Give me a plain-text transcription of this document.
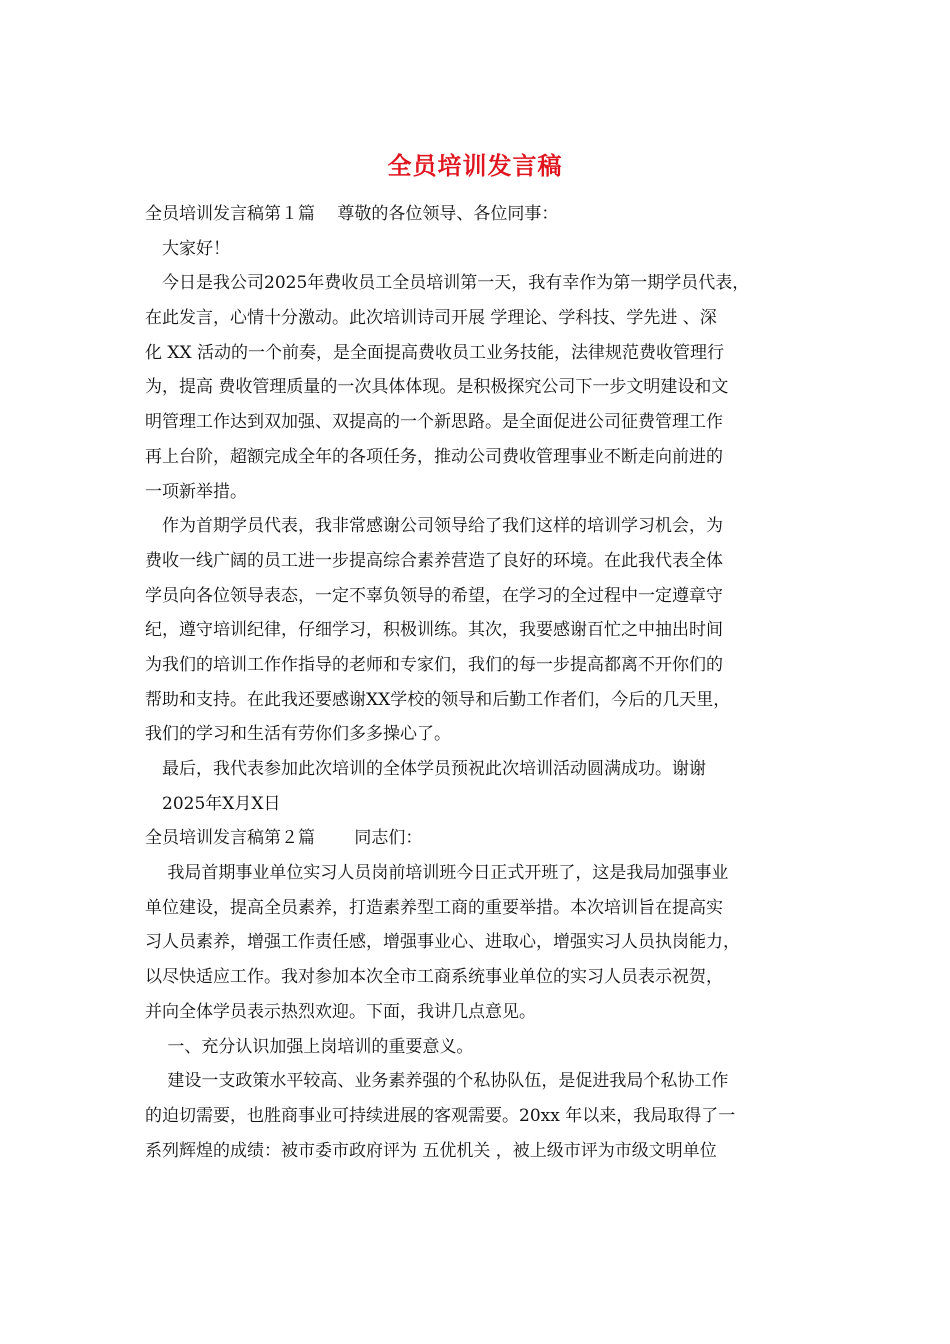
全员培训发言稿
全员培训发言稿第１篇　 尊敬的各位领导、各位同事：
　大家好！
　今日是我公司2025年费收员工全员培训第一天，我有幸作为第一期学员代表，
在此发言，心情十分激动。此次培训诗司开展 学理论、学科技、学先进 、深
化 XX 活动的一个前奏，是全面提高费收员工业务技能，法律规范费收管理行
为，提高 费收管理质量的一次具体体现。是积极探究公司下一步文明建设和文
明管理工作达到双加强、双提高的一个新思路。是全面促进公司征费管理工作
再上台阶，超额完成全年的各项任务，推动公司费收管理事业不断走向前进的
一项新举措。
　作为首期学员代表，我非常感谢公司领导给了我们这样的培训学习机会，为
费收一线广阔的员工进一步提高综合素养营造了良好的环境。在此我代表全体
学员向各位领导表态，一定不辜负领导的希望，在学习的全过程中一定遵章守
纪，遵守培训纪律，仔细学习，积极训练。其次，我要感谢百忙之中抽出时间
为我们的培训工作作指导的老师和专家们，我们的每一步提高都离不开你们的
帮助和支持。在此我还要感谢XX学校的领导和后勤工作者们，今后的几天里，
我们的学习和生活有劳你们多多操心了。
　最后，我代表参加此次培训的全体学员预祝此次培训活动圆满成功。谢谢
　2025年X月X日
全员培训发言稿第２篇　　 同志们：
　 我局首期事业单位实习人员岗前培训班今日正式开班了，这是我局加强事业
单位建设，提高全员素养，打造素养型工商的重要举措。本次培训旨在提高实
习人员素养，增强工作责任感，增强事业心、进取心，增强实习人员执岗能力，
以尽快适应工作。我对参加本次全市工商系统事业单位的实习人员表示祝贺，
并向全体学员表示热烈欢迎。下面，我讲几点意见。
　 一、充分认识加强上岗培训的重要意义。
　 建设一支政策水平较高、业务素养强的个私协队伍，是促进我局个私协工作
的迫切需要，也胜商事业可持续进展的客观需要。20xx 年以来，我局取得了一
系列辉煌的成绩：被市委市政府评为 五优机关 ，被上级市评为市级文明单位
